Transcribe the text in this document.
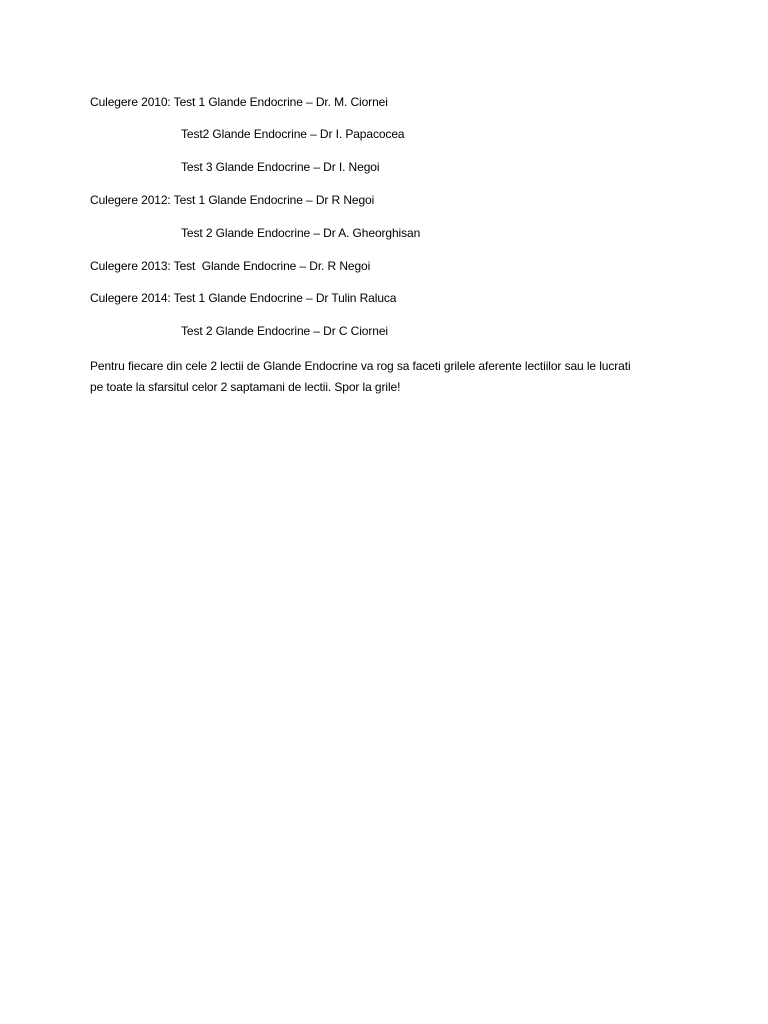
Culegere 2010: Test 1 Glande Endocrine – Dr. M. Ciornei
Test2 Glande Endocrine – Dr I. Papacocea
Test 3 Glande Endocrine – Dr I. Negoi
Culegere 2012: Test 1 Glande Endocrine – Dr R Negoi
Test 2 Glande Endocrine – Dr A. Gheorghisan
Culegere 2013: Test  Glande Endocrine – Dr. R Negoi
Culegere 2014: Test 1 Glande Endocrine – Dr Tulin Raluca
Test 2 Glande Endocrine – Dr C Ciornei
Pentru fiecare din cele 2 lectii de Glande Endocrine va rog sa faceti grilele aferente lectiilor sau le lucrati
pe toate la sfarsitul celor 2 saptamani de lectii. Spor la grile!
